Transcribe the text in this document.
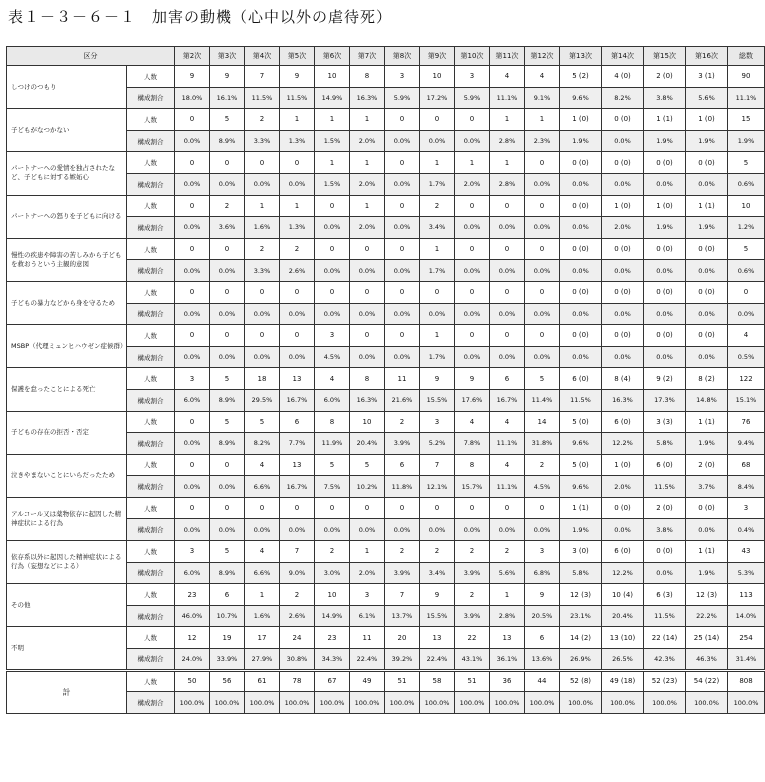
表１－３－６－１　加害の動機（心中以外の虐待死）
区分		第2次	第3次	第4次	第5次	第6次	第7次	第8次	第9次	第10次	第11次	第12次	第13次	第14次	第15次	第16次	総数
しつけのつもり	人数	9	9	7	9	10	8	3	10	3	4	4	5 (2)	4 (0)	2 (0)	3 (1)	90
	構成割合	18.0%	16.1%	11.5%	11.5%	14.9%	16.3%	5.9%	17.2%	5.9%	11.1%	9.1%	9.6%	8.2%	3.8%	5.6%	11.1%
子どもがなつかない	人数	0	5	2	1	1	1	0	0	0	1	1	1 (0)	0 (0)	1 (1)	1 (0)	15
	構成割合	0.0%	8.9%	3.3%	1.3%	1.5%	2.0%	0.0%	0.0%	0.0%	2.8%	2.3%	1.9%	0.0%	1.9%	1.9%	1.9%
パートナーへの愛情を独占されたなど、子どもに対する嫉妬心	人数	0	0	0	0	1	1	0	1	1	1	0	0 (0)	0 (0)	0 (0)	0 (0)	5
	構成割合	0.0%	0.0%	0.0%	0.0%	1.5%	2.0%	0.0%	1.7%	2.0%	2.8%	0.0%	0.0%	0.0%	0.0%	0.0%	0.6%
パートナーへの怒りを子どもに向ける	人数	0	2	1	1	0	1	0	2	0	0	0	0 (0)	1 (0)	1 (0)	1 (1)	10
	構成割合	0.0%	3.6%	1.6%	1.3%	0.0%	2.0%	0.0%	3.4%	0.0%	0.0%	0.0%	0.0%	2.0%	1.9%	1.9%	1.2%
慢性の疾患や障害の苦しみから子どもを救おうという主観的意図	人数	0	0	2	2	0	0	0	1	0	0	0	0 (0)	0 (0)	0 (0)	0 (0)	5
	構成割合	0.0%	0.0%	3.3%	2.6%	0.0%	0.0%	0.0%	1.7%	0.0%	0.0%	0.0%	0.0%	0.0%	0.0%	0.0%	0.6%
子どもの暴力などから身を守るため	人数	0	0	0	0	0	0	0	0	0	0	0	0 (0)	0 (0)	0 (0)	0 (0)	0
	構成割合	0.0%	0.0%	0.0%	0.0%	0.0%	0.0%	0.0%	0.0%	0.0%	0.0%	0.0%	0.0%	0.0%	0.0%	0.0%	0.0%
MSBP（代理ミュンヒハウゼン症候群）	人数	0	0	0	0	3	0	0	1	0	0	0	0 (0)	0 (0)	0 (0)	0 (0)	4
	構成割合	0.0%	0.0%	0.0%	0.0%	4.5%	0.0%	0.0%	1.7%	0.0%	0.0%	0.0%	0.0%	0.0%	0.0%	0.0%	0.5%
保護を怠ったことによる死亡	人数	3	5	18	13	4	8	11	9	9	6	5	6 (0)	8 (4)	9 (2)	8 (2)	122
	構成割合	6.0%	8.9%	29.5%	16.7%	6.0%	16.3%	21.6%	15.5%	17.6%	16.7%	11.4%	11.5%	16.3%	17.3%	14.8%	15.1%
子どもの存在の拒否・否定	人数	0	5	5	6	8	10	2	3	4	4	14	5 (0)	6 (0)	3 (3)	1 (1)	76
	構成割合	0.0%	8.9%	8.2%	7.7%	11.9%	20.4%	3.9%	5.2%	7.8%	11.1%	31.8%	9.6%	12.2%	5.8%	1.9%	9.4%
泣きやまないことにいらだったため	人数	0	0	4	13	5	5	6	7	8	4	2	5 (0)	1 (0)	6 (0)	2 (0)	68
	構成割合	0.0%	0.0%	6.6%	16.7%	7.5%	10.2%	11.8%	12.1%	15.7%	11.1%	4.5%	9.6%	2.0%	11.5%	3.7%	8.4%
アルコール又は薬物依存に起因した精神症状による行為	人数	0	0	0	0	0	0	0	0	0	0	0	1 (1)	0 (0)	2 (0)	0 (0)	3
	構成割合	0.0%	0.0%	0.0%	0.0%	0.0%	0.0%	0.0%	0.0%	0.0%	0.0%	0.0%	1.9%	0.0%	3.8%	0.0%	0.4%
依存系以外に起因した精神症状による行為（妄想などによる）	人数	3	5	4	7	2	1	2	2	2	2	3	3 (0)	6 (0)	0 (0)	1 (1)	43
	構成割合	6.0%	8.9%	6.6%	9.0%	3.0%	2.0%	3.9%	3.4%	3.9%	5.6%	6.8%	5.8%	12.2%	0.0%	1.9%	5.3%
その他	人数	23	6	1	2	10	3	7	9	2	1	9	12 (3)	10 (4)	6 (3)	12 (3)	113
	構成割合	46.0%	10.7%	1.6%	2.6%	14.9%	6.1%	13.7%	15.5%	3.9%	2.8%	20.5%	23.1%	20.4%	11.5%	22.2%	14.0%
不明	人数	12	19	17	24	23	11	20	13	22	13	6	14 (2)	13 (10)	22 (14)	25 (14)	254
	構成割合	24.0%	33.9%	27.9%	30.8%	34.3%	22.4%	39.2%	22.4%	43.1%	36.1%	13.6%	26.9%	26.5%	42.3%	46.3%	31.4%
計	人数	50	56	61	78	67	49	51	58	51	36	44	52 (8)	49 (18)	52 (23)	54 (22)	808
	構成割合	100.0%	100.0%	100.0%	100.0%	100.0%	100.0%	100.0%	100.0%	100.0%	100.0%	100.0%	100.0%	100.0%	100.0%	100.0%	100.0%
